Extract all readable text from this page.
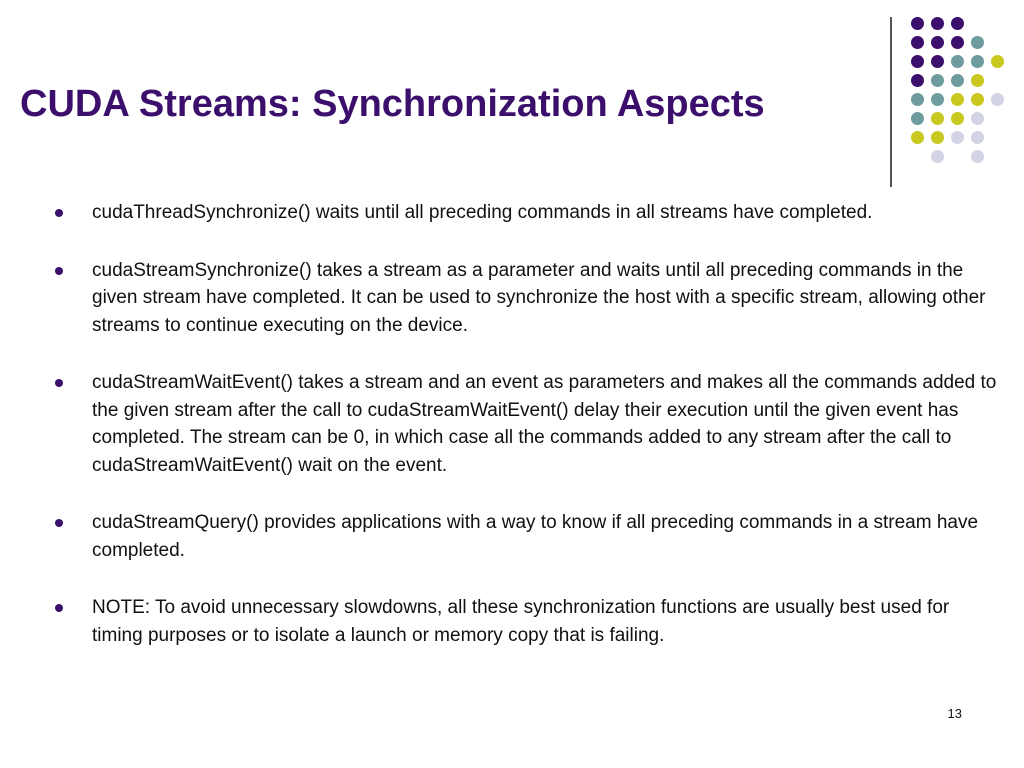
CUDA Streams: Synchronization Aspects
cudaThreadSynchronize() waits until all preceding commands in all streams have completed.
cudaStreamSynchronize() takes a stream as a parameter and waits until all preceding commands in the given stream have completed. It can be used to synchronize the host with a specific stream, allowing other streams to continue executing on the device.
cudaStreamWaitEvent() takes a stream and an event as parameters and makes all the commands added to the given stream after the call to cudaStreamWaitEvent() delay their execution until the given event has completed. The stream can be 0, in which case all the commands added to any stream after the call to cudaStreamWaitEvent() wait on the event.
cudaStreamQuery() provides applications with a way to know if all preceding commands in a stream have completed.
NOTE: To avoid unnecessary slowdowns, all these synchronization functions are usually best used for timing purposes or to isolate a launch or memory copy that is failing.
13
